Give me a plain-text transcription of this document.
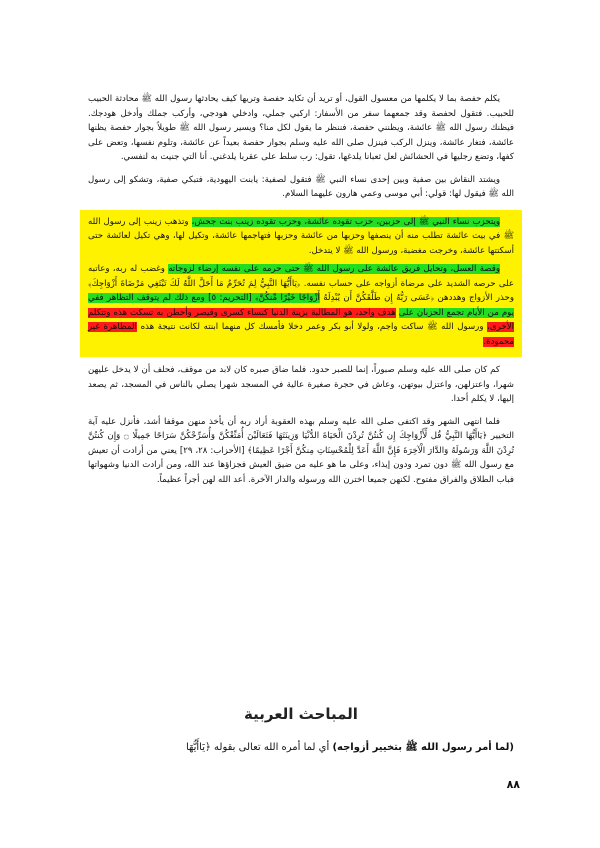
يكلم حفصة بما لا يكلمها من معسول القول، أو تريد أن تكايد حفصة وتريها كيف يحادثها رسول الله ﷺ محادثة الحبيب للحبيب. فتقول لحفصة وقد جمعهما سفر من الأسفار: اركبي جملي، وادخلي هودجي، وأركب جملك وأدخل هودجك. فيظنك رسول الله ﷺ عائشة، ويظنني حفصة، فننظر ما يقول لكل منا؟ ويسير رسول الله ﷺ طويلاً بجوار حفصة يظنها عائشة، فتغار عائشة، وينزل الركب فينزل صلى الله عليه وسلم بجوار حفصة بعيداً عن عائشة، وتلوم نفسها، وتعض على كفها، وتضع رجليها في الحشائش لعل ثعبانا يلدغها، تقول: رب سلط على عقربا يلدغني. أنا التي جنيت به لنفسي.

ويشتد النقاش بين صفية وبين إحدى نساء النبي ﷺ فتقول لصفية: يابنت اليهودية، فتبكي صفية، وتشكو إلى رسول الله ﷺ فيقول لها: قولي: أبي موسى وعمي هارون عليهما السلام.

ويتحزب نساء النبي ﷺ إلى حزبين، حزب تقوده عائشة، وحزب تقوده زينب بنت جحش، وتذهب زينب إلى رسول الله ﷺ في بيت عائشة تطلب منه أن ينصفها وحزبها من عائشة وحزبها فتهاجمها عائشة، وتكيل لها، وهي تكيل لعائشة حتى أسكتتها عائشة، وخرجت مغضبة، ورسول الله ﷺ لا يتدخل.

وقصة العسل، وتحايل فريق عائشة على رسول الله ﷺ حتى حرمه على نفسه إرضاء لزوجاته وغضب له ربه، وعاتبه على حرصه الشديد على مرضاة أزواجه على حساب نفسه. ﴿يَاأَيُّهَا النَّبِيُّ لِمَ تُحَرِّمُ مَا أَحَلَّ اللَّهُ لَكَ تَبْتَغِي مَرْضَاةَ أَزْوَاجِكَ﴾ وحذر الأزواج وهددهن ﴿عَسَى رَبُّهُ إِن طَلَّقَكُنَّ أَن يُبْدِلَهُ أَزْوَاجًا خَيْرًا مِّنكُنَّ﴾ [التحريم: ٥] ومع ذلك لم يتوقف التظاهر ففي يوم من الأيام تجمع الحزبان على هدف واحد، هو المطالبة بزينة الدنيا كنساء كسرى وقيصر وأحطن به تسكت هذه وتتكلم الأخرى، ورسول الله ﷺ ساكت واجم، ولولا أبو بكر وعمر دخلا فأمسك كل منهما ابنته لكانت نتيجة هذه المظاهرة غير محمودة.

كم كان صلى الله عليه وسلم صبوراً، إنما للصبر حدود. فلما ضاق صبره كان لابد من موقف، فحلف أن لا يدخل عليهن شهرا، واعتزلهن، واعتزل بيوتهن، وعاش في حجرة صغيرة عالية في المسجد شهرا يصلي بالناس في المسجد، ثم يصعد إليها، لا يكلم أحدا.

فلما انتهى الشهر وقد اكتفى صلى الله عليه وسلم بهذه العقوبة أراد ربه أن يأخذ منهن موقفا أشد، فأنزل عليه آية التخيير ﴿يَاأَيُّهَا النَّبِيُّ قُل لِّأَزْوَاجِكَ إِن كُنتُنَّ تُرِدْنَ الْحَيَاةَ الدُّنْيَا وَزِينَتَهَا فَتَعَالَيْنَ أُمَتِّعْكُنَّ وَأُسَرِّحْكُنَّ سَرَاحًا جَمِيلًا ۝ وَإِن كُنتُنَّ تُرِدْنَ اللَّهَ وَرَسُولَهُ وَالدَّارَ الْآخِرَةَ فَإِنَّ اللَّهَ أَعَدَّ لِلْمُحْسِنَاتِ مِنكُنَّ أَجْرًا عَظِيمًا﴾ [الأحزاب: ٢٨، ٢٩] يعني من أرادت أن تعيش مع رسول الله ﷺ دون تمرد ودون إيذاء، وعلى ما هو عليه من ضيق العيش فجزاؤها عند الله، ومن أرادت الدنيا وشهواتها فباب الطلاق والفراق مفتوح. لكنهن جميعا اخترن الله ورسوله والدار الآخرة. أعد الله لهن أجراً عظيماً.

المباحث العربية
(لما أمر رسول الله ﷺ بتخيير أزواجه) أي لما أمره الله تعالى بقوله ﴿يَاأَيُّهَا
٨٨
